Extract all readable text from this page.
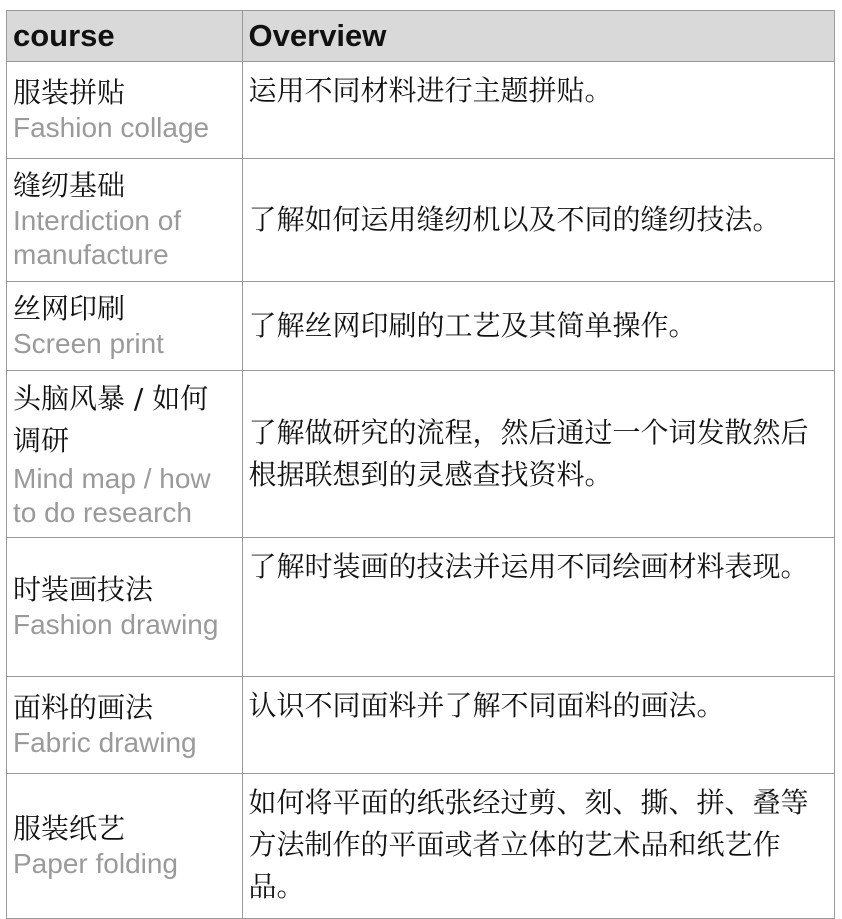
course	Overview

服装拼贴
Fashion collage	运用不同材料进行主题拼贴。

缝纫基础
Interdiction of manufacture	了解如何运用缝纫机以及不同的缝纫技法。

丝网印刷
Screen print	了解丝网印刷的工艺及其简单操作。

头脑风暴 / 如何调研
Mind map / how to do research	了解做研究的流程，然后通过一个词发散然后根据联想到的灵感查找资料。

时装画技法
Fashion drawing	了解时装画的技法并运用不同绘画材料表现。

面料的画法
Fabric drawing	认识不同面料并了解不同面料的画法。

服装纸艺
Paper folding	如何将平面的纸张经过剪、刻、撕、拼、叠等方法制作的平面或者立体的艺术品和纸艺作品。
